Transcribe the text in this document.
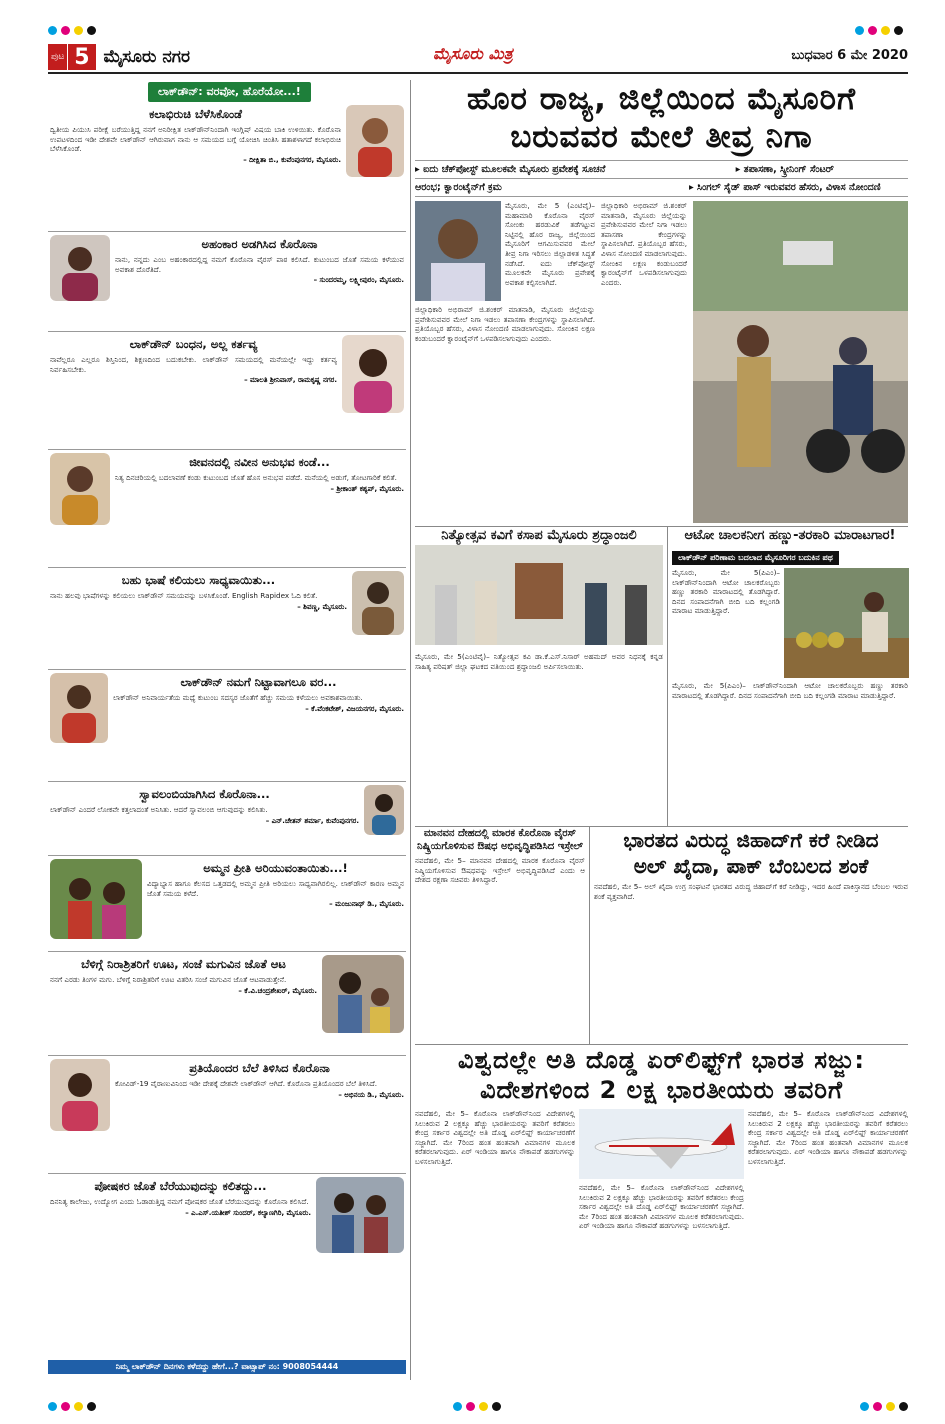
ಪುಟ 5 ಮೈಸೂರು ನಗರ	ಮೈಸೂರು ಮಿತ್ರ	ಬುಧವಾರ 6 ಮೇ 2020
ಲಾಕ್‌ಡೌನ್: ವರವೋ, ಹೊರೆಯೋ...!
ಕಲಾಭಿರುಚಿ ಬೆಳೆಸಿಕೊಂಡೆ
ದ್ವಿತೀಯ ಪಿಯುಸಿ ಪರೀಕ್ಷೆ ಬರೆಯುತ್ತಿದ್ದ ನನಗೆ ಅನಿರೀಕ್ಷಿತ ಲಾಕ್‌ಡೌನ್‌ನಿಂದಾಗಿ ಇಂಗ್ಲಿಷ್ ವಿಷಯ ಬಾಕಿ ಉಳಿಯಿತು. ಕೊರೊನಾ ಉಪಟಳದಿಂದ ಇಡೀ ದೇಶವೇ ಲಾಕ್‌ಡೌನ್ ಆಗಿರುವಾಗ ನಾನು ಆ ಸಮಯದ ಬಗ್ಗೆ ಯೋಚಿಸಿ ಚಿಂತಿಸಿ ಹತಾಶಳಾಗದೆ ಕಲಾಭಿರುಚಿ ಬೆಳೆಸಿಕೊಂಡೆ.
– ದೀಕ್ಷಿತಾ ಬಿ., ಕುವೆಂಪುನಗರ, ಮೈಸೂರು.
ಅಹಂಕಾರ ಅಡಗಿಸಿದ ಕೊರೊನಾ
ನಾನು, ನನ್ನದು ಎಂಬ ಅಹಂಕಾರದಲ್ಲಿದ್ದ ನಮಗೆ ಕೊರೊನಾ ವೈರಸ್ ಪಾಠ ಕಲಿಸಿದೆ. ಕುಟುಂಬದ ಜೊತೆ ಸಮಯ ಕಳೆಯುವ ಅವಕಾಶ ದೊರೆತಿದೆ.
– ಸುಂದರಮ್ಮ, ಲಕ್ಷ್ಮೀಪುರಂ, ಮೈಸೂರು.
ಲಾಕ್‌ಡೌನ್ ಬಂಧನ, ಅಲ್ಲ ಕರ್ತವ್ಯ
ನಾವೆಲ್ಲರೂ ಎಲ್ಲರೂ ಶಿಸ್ತಿನಿಂದ, ಶಿಕ್ಷಣದಿಂದ ಬದುಕಬೇಕು. ಲಾಕ್‌ಡೌನ್ ಸಮಯದಲ್ಲಿ ಮನೆಯಲ್ಲೇ ಇದ್ದು ಕರ್ತವ್ಯ ನಿರ್ವಹಿಸಬೇಕು.
– ಮಾಲತಿ ಶ್ರೀನಿವಾಸ್, ರಾಮಕೃಷ್ಣ ನಗರ.
ಜೀವನದಲ್ಲಿ ನವೀನ ಅನುಭವ ಕಂಡೆ...
ನಿತ್ಯ ದಿನಚರಿಯಲ್ಲಿ ಬದಲಾವಣೆ ಕಂಡು ಕುಟುಂಬದ ಜೊತೆ ಹೊಸ ಅನುಭವ ಪಡೆದೆ. ಮನೆಯಲ್ಲಿ ಅಡುಗೆ, ತೋಟಗಾರಿಕೆ ಕಲಿತೆ.
– ಶ್ರೀಕಾಂತ್ ಕಶ್ಯಪ್, ಮೈಸೂರು.
ಬಹು ಭಾಷೆ ಕಲಿಯಲು ಸಾಧ್ಯವಾಯಿತು...
ನಾನು ಹಲವು ಭಾಷೆಗಳನ್ನು ಕಲಿಯಲು ಲಾಕ್‌ಡೌನ್ ಸಮಯವನ್ನು ಬಳಸಿಕೊಂಡೆ. English Rapidex ಓದಿ ಕಲಿತೆ.
– ಶಿವಣ್ಣ, ಮೈಸೂರು.
ಲಾಕ್‌ಡೌನ್ ನಮಗೆ ನಿಟ್ಟಾವಾಗಲೂ ವರ...
ಲಾಕ್‌ಡೌನ್ ಅನಿವಾರ್ಯತೆಯ ಮಧ್ಯೆ ಕುಟುಂಬ ಸದಸ್ಯರ ಜೊತೆಗೆ ಹೆಚ್ಚು ಸಮಯ ಕಳೆಯಲು ಅವಕಾಶವಾಯಿತು.
– ಕೆ.ವೆಂಕಟೇಶ್, ವಿಜಯನಗರ, ಮೈಸೂರು.
ಸ್ವಾವಲಂಬಿಯಾಗಿಸಿದ ಕೊರೊನಾ...
ಲಾಕ್‌ಡೌನ್ ಎಂದರೆ ಲೋಕವೇ ಕತ್ತಲಾದಂತೆ ಅನಿಸಿತು. ಆದರೆ ಸ್ವಾವಲಂಬಿ ಆಗುವುದನ್ನು ಕಲಿಸಿತು.
– ಎನ್.ಚೇತನ್ ಶರ್ಮಾ, ಕುವೆಂಪುನಗರ.
ಅಮ್ಮನ ಪ್ರೀತಿ ಅರಿಯುವಂತಾಯಿತು...!
ವಿದ್ಯಾಭ್ಯಾಸ ಹಾಗೂ ಕೆಲಸದ ಒತ್ತಡದಲ್ಲಿ ಅಮ್ಮನ ಪ್ರೀತಿ ಅರಿಯಲು ಸಾಧ್ಯವಾಗಿರಲಿಲ್ಲ. ಲಾಕ್‌ಡೌನ್ ಕಾರಣ ಅಮ್ಮನ ಜೊತೆ ಸಮಯ ಕಳೆದೆ.
– ಮಂಜುನಾಥ್ ಡಿ., ಮೈಸೂರು.
ಬೆಳಿಗ್ಗೆ ನಿರಾಶ್ರಿತರಿಗೆ ಊಟ, ಸಂಜೆ ಮಗುವಿನ ಜೊತೆ ಆಟ
ನನಗೆ ಎರಡು ತಿಂಗಳ ಮಗು. ಬೆಳಿಗ್ಗೆ ನಿರಾಶ್ರಿತರಿಗೆ ಊಟ ವಿತರಿಸಿ ಸಂಜೆ ಮಗುವಿನ ಜೊತೆ ಆಟವಾಡುತ್ತೇನೆ.
– ಕೆ.ವಿ.ಚಂದ್ರಶೇಖರ್, ಮೈಸೂರು.
ಪ್ರತಿಯೊಂದರ ಬೆಲೆ ತಿಳಿಸಿದ ಕೊರೊನಾ
ಕೋವಿಡ್-19 ವೈರಾಣುವಿನಿಂದ ಇಡೀ ದೇಶಕ್ಕೆ ದೇಶವೇ ಲಾಕ್‌ಡೌನ್ ಆಗಿದೆ. ಕೊರೊನಾ ಪ್ರತಿಯೊಂದರ ಬೆಲೆ ತಿಳಿಸಿದೆ.
– ಅಭಿನಯ ಡಿ., ಮೈಸೂರು.
ಪೋಷಕರ ಜೊತೆ ಬೆರೆಯುವುದನ್ನು ಕಲಿತದ್ದು...
ದಿನನಿತ್ಯ ಕಾಲೇಜು, ಉದ್ಯೋಗ ಎಂದು ಓಡಾಡುತ್ತಿದ್ದ ನಮಗೆ ಪೋಷಕರ ಜೊತೆ ಬೆರೆಯುವುದನ್ನು ಕೊರೊನಾ ಕಲಿಸಿದೆ.
– ಎ.ಎಸ್.ಯತೀಶ್ ಸುಂದರ್, ಕಲ್ಯಾಣಗಿರಿ, ಮೈಸೂರು.
ನಿಮ್ಮ ಲಾಕ್‌ಡೌನ್ ದಿನಗಳು ಕಳೆದದ್ದು ಹೇಗೆ...? ವಾಟ್ಸಾಪ್ ನಂ: 9008054444
ಹೊರ ರಾಜ್ಯ, ಜಿಲ್ಲೆಯಿಂದ ಮೈಸೂರಿಗೆ
ಬರುವವರ ಮೇಲೆ ತೀವ್ರ ನಿಗಾ
▸ ಐದು ಚೆಕ್‌ಪೋಸ್ಟ್ ಮೂಲಕವೇ ಮೈಸೂರು ಪ್ರವೇಶಕ್ಕೆ ಸೂಚನೆ	▸ ತಪಾಸಣಾ, ಸ್ಕ್ರೀನಿಂಗ್ ಸೆಂಟರ್
ಆರಂಭ; ಕ್ವಾರಂಟೈನ್‌ಗೆ ಕ್ರಮ	▸ ಸಿಂಗಲ್ ಸೈಡ್ ಪಾಸ್ ಇರುವವರ ಹೆಸರು, ವಿಳಾಸ ನೋಂದಣಿ
ಮೈಸೂರು, ಮೇ 5 (ಎಂಟಿವೈ)– ಮಹಾಮಾರಿ ಕೊರೊನಾ ವೈರಸ್ ಸೋಂಕು ಹರಡುವಿಕೆ ತಡೆಗಟ್ಟುವ ನಿಟ್ಟಿನಲ್ಲಿ ಹೊರ ರಾಜ್ಯ, ಜಿಲ್ಲೆಯಿಂದ ಮೈಸೂರಿಗೆ ಆಗಮಿಸುವವರ ಮೇಲೆ ತೀವ್ರ ನಿಗಾ ಇರಿಸಲು ಜಿಲ್ಲಾಡಳಿತ ಸಿದ್ಧತೆ ನಡೆಸಿದೆ. ಐದು ಚೆಕ್‌ಪೋಸ್ಟ್ ಮೂಲಕವೇ ಮೈಸೂರು ಪ್ರವೇಶಕ್ಕೆ ಅವಕಾಶ ಕಲ್ಪಿಸಲಾಗಿದೆ.
ಜಿಲ್ಲಾಧಿಕಾರಿ ಅಭಿರಾಮ್ ಜಿ.ಶಂಕರ್ ಮಾತನಾಡಿ, ಮೈಸೂರು ಜಿಲ್ಲೆಯನ್ನು ಪ್ರವೇಶಿಸುವವರ ಮೇಲೆ ನಿಗಾ ಇಡಲು ತಪಾಸಣಾ ಕೇಂದ್ರಗಳನ್ನು ಸ್ಥಾಪಿಸಲಾಗಿದೆ. ಪ್ರತಿಯೊಬ್ಬರ ಹೆಸರು, ವಿಳಾಸ ನೋಂದಣಿ ಮಾಡಲಾಗುವುದು. ಸೋಂಕಿನ ಲಕ್ಷಣ ಕಂಡುಬಂದರೆ ಕ್ವಾರಂಟೈನ್‌ಗೆ ಒಳಪಡಿಸಲಾಗುವುದು ಎಂದರು.
ಜಿಲ್ಲಾಧಿಕಾರಿ ಅಭಿರಾಮ್ ಜಿ.ಶಂಕರ್ ಮಾತನಾಡಿ, ಮೈಸೂರು ಜಿಲ್ಲೆಯನ್ನು ಪ್ರವೇಶಿಸುವವರ ಮೇಲೆ ನಿಗಾ ಇಡಲು ತಪಾಸಣಾ ಕೇಂದ್ರಗಳನ್ನು ಸ್ಥಾಪಿಸಲಾಗಿದೆ. ಪ್ರತಿಯೊಬ್ಬರ ಹೆಸರು, ವಿಳಾಸ ನೋಂದಣಿ ಮಾಡಲಾಗುವುದು. ಸೋಂಕಿನ ಲಕ್ಷಣ ಕಂಡುಬಂದರೆ ಕ್ವಾರಂಟೈನ್‌ಗೆ ಒಳಪಡಿಸಲಾಗುವುದು ಎಂದರು.
ನಿತ್ಯೋತ್ಸವ ಕವಿಗೆ ಕಸಾಪ ಮೈಸೂರು ಶ್ರದ್ಧಾಂಜಲಿ
ಮೈಸೂರು, ಮೇ 5(ಎಂಟಿವೈ)– ನಿತ್ಯೋತ್ಸವ ಕವಿ ಡಾ.ಕೆ.ಎಸ್.ನಿಸಾರ್ ಅಹಮದ್ ಅವರ ನಿಧನಕ್ಕೆ ಕನ್ನಡ ಸಾಹಿತ್ಯ ಪರಿಷತ್ ಜಿಲ್ಲಾ ಘಟಕದ ವತಿಯಿಂದ ಶ್ರದ್ಧಾಂಜಲಿ ಅರ್ಪಿಸಲಾಯಿತು.
ಆಟೋ ಚಾಲಕನೀಗ ಹಣ್ಣು-ತರಕಾರಿ ಮಾರಾಟಗಾರ!
ಲಾಕ್‌ಡೌನ್ ಪರಿಣಾಮ ಬದಲಾದ ಮೈಸೂರಿಗರ ಬದುಕಿನ ಪಥ
ಮೈಸೂರು, ಮೇ 5(ಪಿಎಂ)– ಲಾಕ್‌ಡೌನ್‌ನಿಂದಾಗಿ ಆಟೋ ಚಾಲಕರೊಬ್ಬರು ಹಣ್ಣು ತರಕಾರಿ ಮಾರಾಟದಲ್ಲಿ ತೊಡಗಿದ್ದಾರೆ. ದಿನದ ಸಂಪಾದನೆಗಾಗಿ ಬೀದಿ ಬದಿ ಕಲ್ಲಂಗಡಿ ಮಾರಾಟ ಮಾಡುತ್ತಿದ್ದಾರೆ.
ಮೈಸೂರು, ಮೇ 5(ಪಿಎಂ)– ಲಾಕ್‌ಡೌನ್‌ನಿಂದಾಗಿ ಆಟೋ ಚಾಲಕರೊಬ್ಬರು ಹಣ್ಣು ತರಕಾರಿ ಮಾರಾಟದಲ್ಲಿ ತೊಡಗಿದ್ದಾರೆ. ದಿನದ ಸಂಪಾದನೆಗಾಗಿ ಬೀದಿ ಬದಿ ಕಲ್ಲಂಗಡಿ ಮಾರಾಟ ಮಾಡುತ್ತಿದ್ದಾರೆ.
ಮಾನವನ ದೇಹದಲ್ಲಿ ಮಾರಕ ಕೊರೊನಾ ವೈರಸ್ ನಿಷ್ಕ್ರಿಯಗೊಳಿಸುವ ಔಷಧ ಅಭಿವೃದ್ಧಿಪಡಿಸಿದ ಇಸ್ರೇಲ್
ನವದೆಹಲಿ, ಮೇ 5– ಮಾನವನ ದೇಹದಲ್ಲಿ ಮಾರಕ ಕೊರೊನಾ ವೈರಸ್ ನಿಷ್ಕ್ರಿಯಗೊಳಿಸುವ ಔಷಧವನ್ನು ಇಸ್ರೇಲ್ ಅಭಿವೃದ್ಧಿಪಡಿಸಿದೆ ಎಂದು ಆ ದೇಶದ ರಕ್ಷಣಾ ಸಚಿವರು ತಿಳಿಸಿದ್ದಾರೆ.
ಭಾರತದ ವಿರುದ್ಧ ಜಿಹಾದ್‌ಗೆ ಕರೆ ನೀಡಿದ
ಅಲ್ ಖೈದಾ, ಪಾಕ್ ಬೆಂಬಲದ ಶಂಕೆ
ನವದೆಹಲಿ, ಮೇ 5– ಅಲ್ ಖೈದಾ ಉಗ್ರ ಸಂಘಟನೆ ಭಾರತದ ವಿರುದ್ಧ ಜಿಹಾದ್‌ಗೆ ಕರೆ ನೀಡಿದ್ದು, ಇದರ ಹಿಂದೆ ಪಾಕಿಸ್ತಾನದ ಬೆಂಬಲ ಇರುವ ಶಂಕೆ ವ್ಯಕ್ತವಾಗಿದೆ.
ವಿಶ್ವದಲ್ಲೇ ಅತಿ ದೊಡ್ಡ ಏರ್‌ಲಿಫ್ಟ್‌ಗೆ ಭಾರತ ಸಜ್ಜು:
ವಿದೇಶಗಳಿಂದ 2 ಲಕ್ಷ ಭಾರತೀಯರು ತವರಿಗೆ
ನವದೆಹಲಿ, ಮೇ 5– ಕೊರೊನಾ ಲಾಕ್‌ಡೌನ್‌ನಿಂದ ವಿದೇಶಗಳಲ್ಲಿ ಸಿಲುಕಿರುವ 2 ಲಕ್ಷಕ್ಕೂ ಹೆಚ್ಚು ಭಾರತೀಯರನ್ನು ತವರಿಗೆ ಕರೆತರಲು ಕೇಂದ್ರ ಸರ್ಕಾರ ವಿಶ್ವದಲ್ಲೇ ಅತಿ ದೊಡ್ಡ ಏರ್‌ಲಿಫ್ಟ್ ಕಾರ್ಯಾಚರಣೆಗೆ ಸಜ್ಜಾಗಿದೆ. ಮೇ 7ರಿಂದ ಹಂತ ಹಂತವಾಗಿ ವಿಮಾನಗಳ ಮೂಲಕ ಕರೆತರಲಾಗುವುದು. ಏರ್ ಇಂಡಿಯಾ ಹಾಗೂ ನೌಕಾಪಡೆ ಹಡಗುಗಳನ್ನು ಬಳಸಲಾಗುತ್ತಿದೆ.
ನವದೆಹಲಿ, ಮೇ 5– ಕೊರೊನಾ ಲಾಕ್‌ಡೌನ್‌ನಿಂದ ವಿದೇಶಗಳಲ್ಲಿ ಸಿಲುಕಿರುವ 2 ಲಕ್ಷಕ್ಕೂ ಹೆಚ್ಚು ಭಾರತೀಯರನ್ನು ತವರಿಗೆ ಕರೆತರಲು ಕೇಂದ್ರ ಸರ್ಕಾರ ವಿಶ್ವದಲ್ಲೇ ಅತಿ ದೊಡ್ಡ ಏರ್‌ಲಿಫ್ಟ್ ಕಾರ್ಯಾಚರಣೆಗೆ ಸಜ್ಜಾಗಿದೆ. ಮೇ 7ರಿಂದ ಹಂತ ಹಂತವಾಗಿ ವಿಮಾನಗಳ ಮೂಲಕ ಕರೆತರಲಾಗುವುದು. ಏರ್ ಇಂಡಿಯಾ ಹಾಗೂ ನೌಕಾಪಡೆ ಹಡಗುಗಳನ್ನು ಬಳಸಲಾಗುತ್ತಿದೆ.
ನವದೆಹಲಿ, ಮೇ 5– ಕೊರೊನಾ ಲಾಕ್‌ಡೌನ್‌ನಿಂದ ವಿದೇಶಗಳಲ್ಲಿ ಸಿಲುಕಿರುವ 2 ಲಕ್ಷಕ್ಕೂ ಹೆಚ್ಚು ಭಾರತೀಯರನ್ನು ತವರಿಗೆ ಕರೆತರಲು ಕೇಂದ್ರ ಸರ್ಕಾರ ವಿಶ್ವದಲ್ಲೇ ಅತಿ ದೊಡ್ಡ ಏರ್‌ಲಿಫ್ಟ್ ಕಾರ್ಯಾಚರಣೆಗೆ ಸಜ್ಜಾಗಿದೆ. ಮೇ 7ರಿಂದ ಹಂತ ಹಂತವಾಗಿ ವಿಮಾನಗಳ ಮೂಲಕ ಕರೆತರಲಾಗುವುದು. ಏರ್ ಇಂಡಿಯಾ ಹಾಗೂ ನೌಕಾಪಡೆ ಹಡಗುಗಳನ್ನು ಬಳಸಲಾಗುತ್ತಿದೆ.
